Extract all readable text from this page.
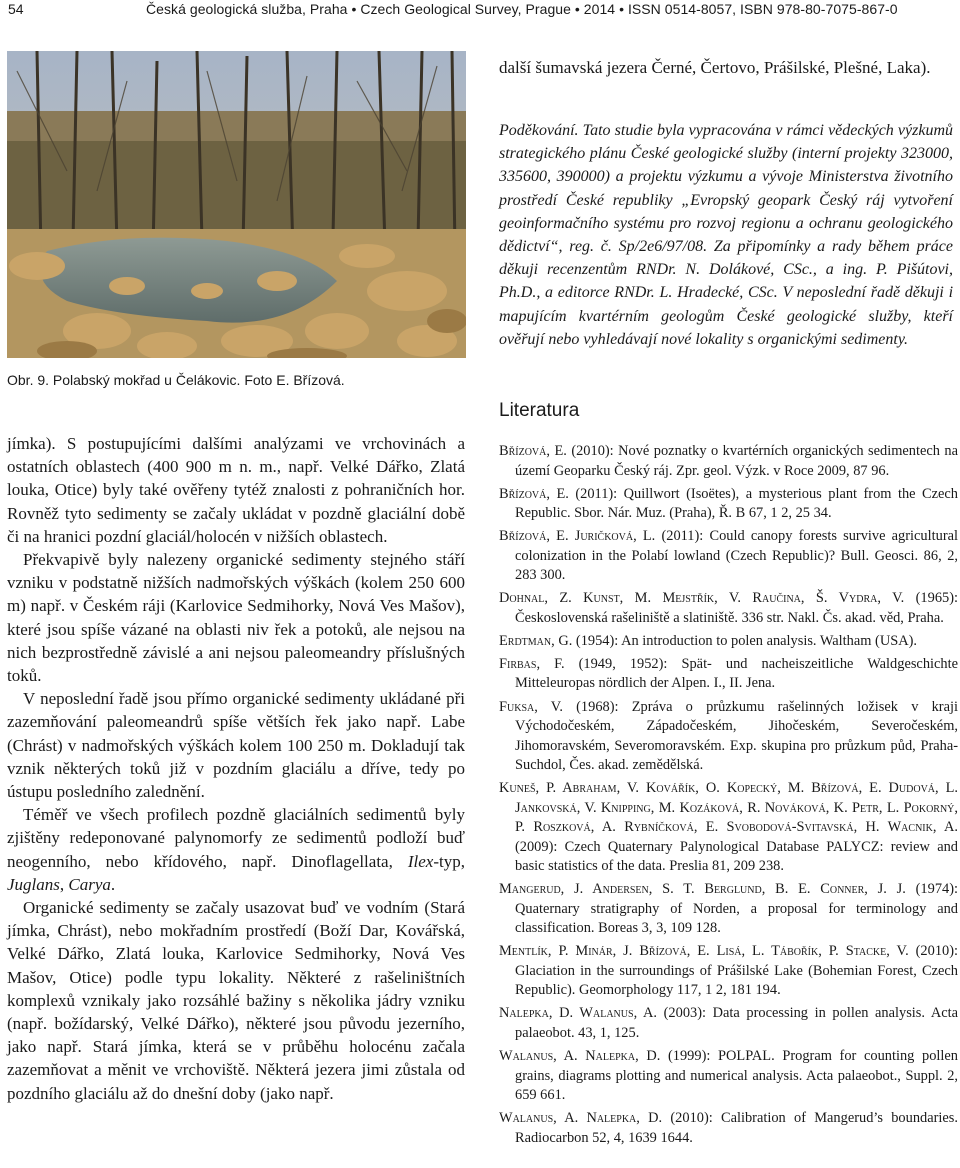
54	Česká geologická služba, Praha • Czech Geological Survey, Prague • 2014 • ISSN 0514-8057, ISBN 978-80-7075-867-0
Obr. 9. Polabský mokřad u Čelákovic. Foto E. Břízová.

jímka). S postupujícími dalšími analýzami ve vrchovinách a ostatních oblastech (400 900 m n. m., např. Velké Dářko, Zlatá louka, Otice) byly také ověřeny tytéž znalosti z pohraničních hor. Rovněž tyto sedimenty se začaly ukládat v pozdně glaciální době či na hranici pozdní glaciál/holocén v nižších oblastech.

Překvapivě byly nalezeny organické sedimenty stejného stáří vzniku v podstatně nižších nadmořských výškách (kolem 250 600 m) např. v Českém ráji (Karlovice Sedmihorky, Nová Ves Mašov), které jsou spíše vázané na oblasti niv řek a potoků, ale nejsou na nich bezprostředně závislé a ani nejsou paleomeandry příslušných toků.

V neposlední řadě jsou přímo organické sedimenty ukládané při zazemňování paleomeandrů spíše větších řek jako např. Labe (Chrást) v nadmořských výškách kolem 100 250 m. Dokladují tak vznik některých toků již v pozdním glaciálu a dříve, tedy po ústupu posledního zalednění.

Téměř ve všech profilech pozdně glaciálních sedimentů byly zjištěny redeponované palynomorfy ze sedimentů podloží buď neogenního, nebo křídového, např. Dinoflagellata, Ilex-typ, Juglans, Carya.

Organické sedimenty se začaly usazovat buď ve vodním (Stará jímka, Chrást), nebo mokřadním prostředí (Boží Dar, Kovářská, Velké Dářko, Zlatá louka, Karlovice Sedmihorky, Nová Ves Mašov, Otice) podle typu lokality. Některé z rašeliništních komplexů vznikaly jako rozsáhlé bažiny s několika jádry vzniku (např. božídarský, Velké Dářko), některé jsou původu jezerního, jako např. Stará jímka, která se v průběhu holocénu začala zazemňovat a měnit ve vrchoviště. Některá jezera jimi zůstala od pozdního glaciálu až do dnešní doby (jako např.

další šumavská jezera Černé, Čertovo, Prášilské, Plešné, Laka).

Poděkování. Tato studie byla vypracována v rámci vědeckých výzkumů strategického plánu České geologické služby (interní projekty 323000, 335600, 390000) a projektu výzkumu a vývoje Ministerstva životního prostředí České republiky „Evropský geopark Český ráj vytvoření geoinformačního systému pro rozvoj regionu a ochranu geologického dědictví“, reg. č. Sp/2e6/97/08. Za připomínky a rady během práce děkuji recenzentům RNDr. N. Dolákové, CSc., a ing. P. Pišútovi, Ph.D., a editorce RNDr. L. Hradecké, CSc. V neposlední řadě děkuji i mapujícím kvartérním geologům České geologické služby, kteří ověřují nebo vyhledávají nové lokality s organickými sedimenty.

Literatura

Břízová, E. (2010): Nové poznatky o kvartérních organických sedimentech na území Geoparku Český ráj. Zpr. geol. Výzk. v Roce 2009, 87 96.

Břízová, E. (2011): Quillwort (Isoëtes), a mysterious plant from the Czech Republic. Sbor. Nár. Muz. (Praha), Ř. B 67, 1 2, 25 34.

Břízová, E. Juričková, L. (2011): Could canopy forests survive agricultural colonization in the Polabí lowland (Czech Republic)? Bull. Geosci. 86, 2, 283 300.

Dohnal, Z. Kunst, M. Mejstřík, V. Raučina, Š. Vydra, V. (1965): Československá rašeliniště a slatiniště. 336 str. Nakl. Čs. akad. věd, Praha.

Erdtman, G. (1954): An introduction to polen analysis. Waltham (USA).

Firbas, F. (1949, 1952): Spät- und nacheiszeitliche Waldgeschichte Mitteleuropas nördlich der Alpen. I., II. Jena.

Fuksa, V. (1968): Zpráva o průzkumu rašelinných ložisek v kraji Východočeském, Západočeském, Jihočeském, Severočeském, Jihomoravském, Severomoravském. Exp. skupina pro průzkum půd, Praha-Suchdol, Čes. akad. zemědělská.

Kuneš, P. Abraham, V. Kovářík, O. Kopecký, M. Břízová, E. Dudová, L. Jankovská, V. Knipping, M. Kozáková, R. Nováková, K. Petr, L. Pokorný, P. Roszková, A. Rybníčková, E. Svobodová-Svitavská, H. Wacnik, A. (2009): Czech Quaternary Palynological Database PALYCZ: review and basic statistics of the data. Preslia 81, 209 238.

Mangerud, J. Andersen, S. T. Berglund, B. E. Conner, J. J. (1974): Quaternary stratigraphy of Norden, a proposal for terminology and classification. Boreas 3, 3, 109 128.

Mentlík, P. Minár, J. Břízová, E. Lisá, L. Tábořík, P. Stacke, V. (2010): Glaciation in the surroundings of Prášilské Lake (Bohemian Forest, Czech Republic). Geomorphology 117, 1 2, 181 194.

Nalepka, D. Walanus, A. (2003): Data processing in pollen analysis. Acta palaeobot. 43, 1, 125.

Walanus, A. Nalepka, D. (1999): POLPAL. Program for counting pollen grains, diagrams plotting and numerical analysis. Acta palaeobot., Suppl. 2, 659 661.

Walanus, A. Nalepka, D. (2010): Calibration of Mangerud’s boundaries. Radiocarbon 52, 4, 1639 1644.
